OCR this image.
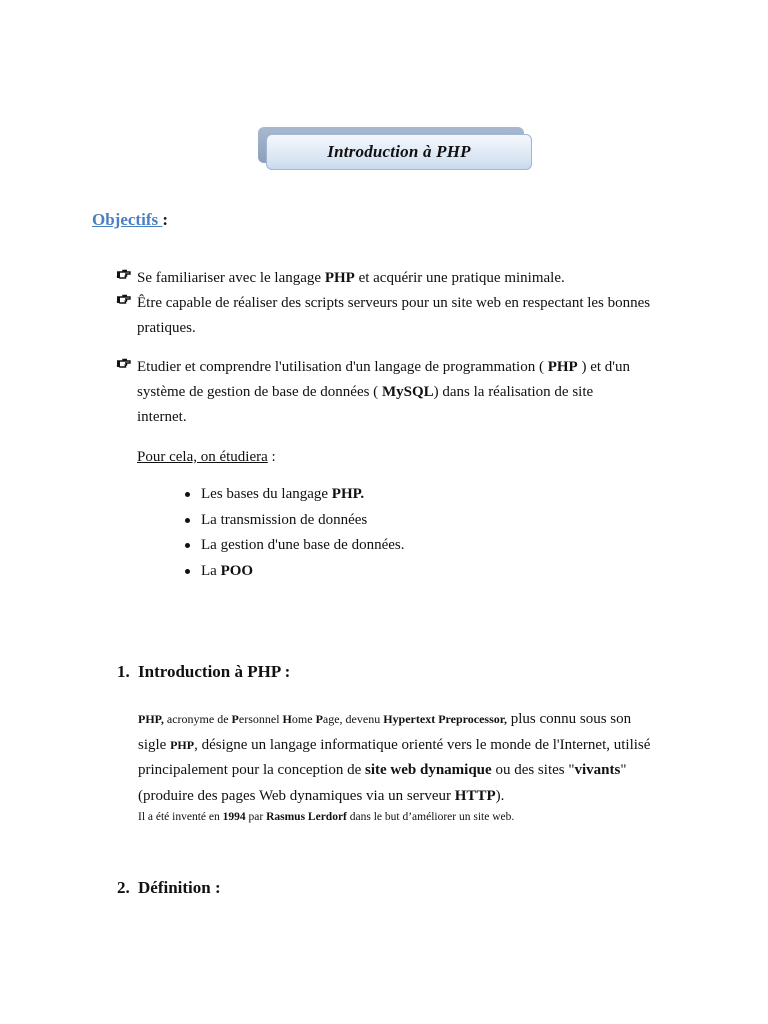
Introduction à PHP
Objectifs :
Se familiariser avec le langage PHP et acquérir une pratique minimale.
Être capable de réaliser des scripts serveurs pour un site web en respectant les bonnes
pratiques.
Etudier et comprendre l'utilisation d'un langage de programmation ( PHP ) et d'un
système de gestion de base de données ( MySQL) dans la réalisation de site
internet.
Pour cela, on étudiera :
Les bases du langage PHP.
La transmission de données
La gestion d'une base de données.
La POO
1. Introduction à PHP :
PHP, acronyme de Personnel Home Page, devenu Hypertext Preprocessor, plus connu sous son
sigle PHP, désigne un langage informatique orienté vers le monde de l'Internet, utilisé
principalement pour la conception de site web dynamique ou des sites "vivants"
(produire des pages Web dynamiques via un serveur HTTP).
Il a été inventé en 1994 par Rasmus Lerdorf dans le but d’améliorer un site web.
2. Définition :
